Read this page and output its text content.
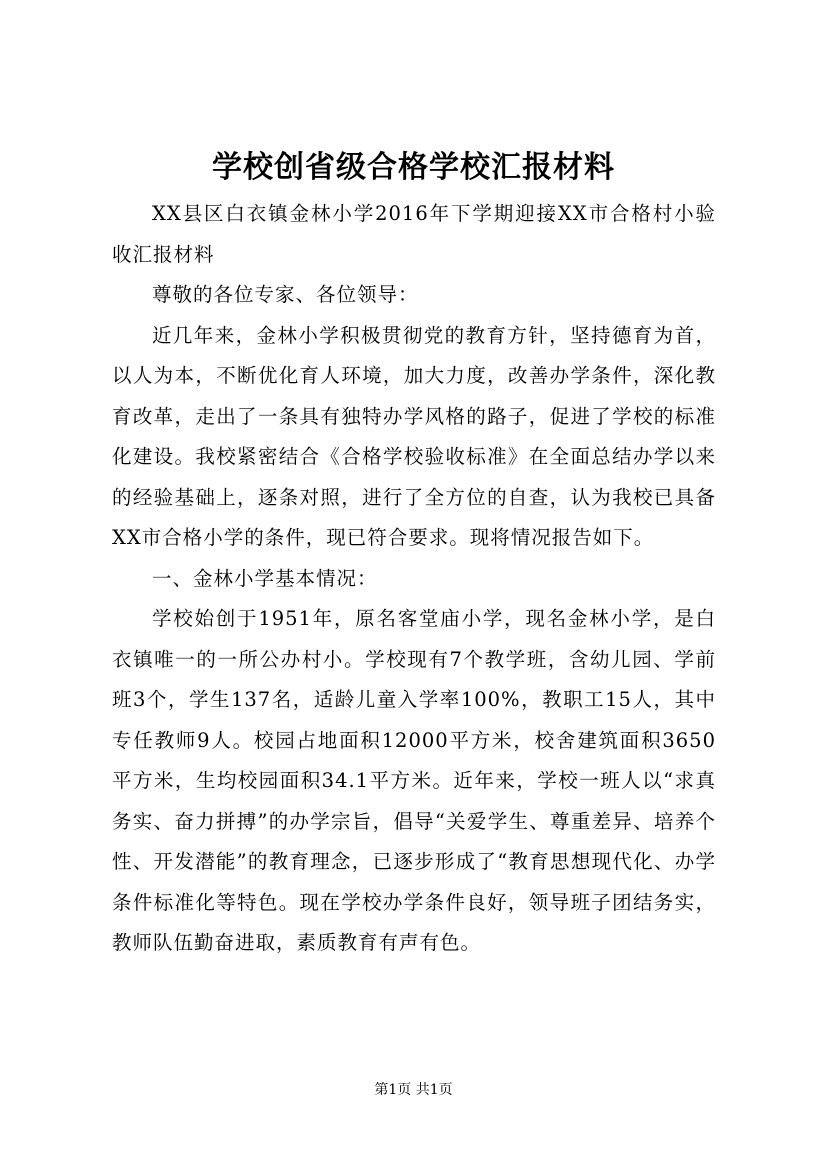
学校创省级合格学校汇报材料

XX县区白衣镇金林小学2016年下学期迎接XX市合格村小验收汇报材料

尊敬的各位专家、各位领导：

近几年来，金林小学积极贯彻党的教育方针，坚持德育为首，以人为本，不断优化育人环境，加大力度，改善办学条件，深化教育改革，走出了一条具有独特办学风格的路子，促进了学校的标准化建设。我校紧密结合《合格学校验收标准》在全面总结办学以来的经验基础上，逐条对照，进行了全方位的自查，认为我校已具备XX市合格小学的条件，现已符合要求。现将情况报告如下。

一、金林小学基本情况：

学校始创于1951年，原名客堂庙小学，现名金林小学，是白衣镇唯一的一所公办村小。学校现有7个教学班，含幼儿园、学前班3个，学生137名，适龄儿童入学率100%，教职工15人，其中专任教师9人。校园占地面积12000平方米，校舍建筑面积3650平方米，生均校园面积34.1平方米。近年来，学校一班人以“求真务实、奋力拼搏”的办学宗旨，倡导“关爱学生、尊重差异、培养个性、开发潜能”的教育理念，已逐步形成了“教育思想现代化、办学条件标准化等特色。现在学校办学条件良好，领导班子团结务实，教师队伍勤奋进取，素质教育有声有色。

第1页 共1页
